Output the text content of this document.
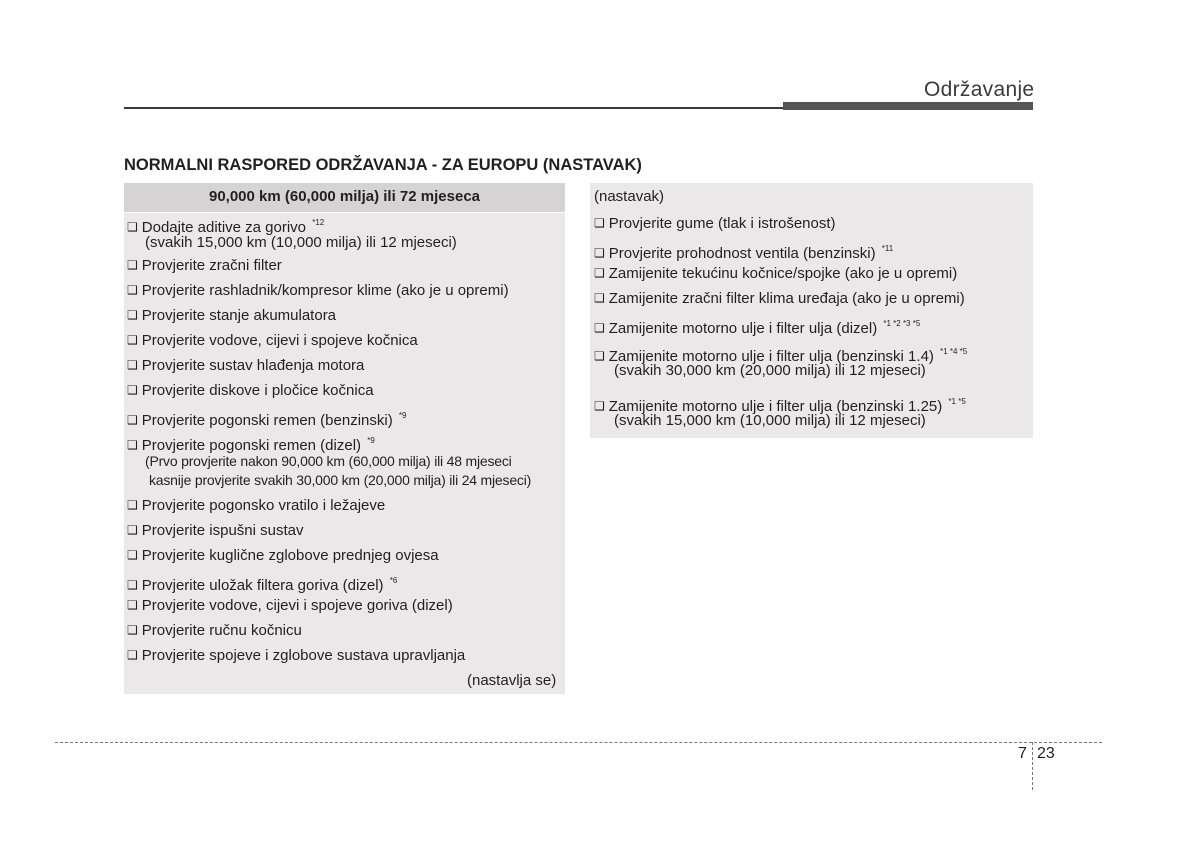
Održavanje
NORMALNI RASPORED ODRŽAVANJA - ZA EUROPU (NASTAVAK)
90,000 km (60,000 milja) ili 72 mjeseca
❑ Dodajte aditive za gorivo $^{*12}$
(svakih 15,000 km (10,000 milja) ili 12 mjeseci)
❑ Provjerite zračni filter
❑ Provjerite rashladnik/kompresor klime (ako je u opremi)
❑ Provjerite stanje akumulatora
❑ Provjerite vodove, cijevi i spojeve kočnica
❑ Provjerite sustav hlađenja motora
❑ Provjerite diskove i pločice kočnica
❑ Provjerite pogonski remen (benzinski) $^{*9}$
❑ Provjerite pogonski remen (dizel) $^{*9}$
(Prvo provjerite nakon 90,000 km (60,000 milja) ili 48 mjeseci
kasnije provjerite svakih 30,000 km (20,000 milja) ili 24 mjeseci)
❑ Provjerite pogonsko vratilo i ležajeve
❑ Provjerite ispušni sustav
❑ Provjerite kuglične zglobove prednjeg ovjesa
❑ Provjerite uložak filtera goriva (dizel) $^{*6}$
❑ Provjerite vodove, cijevi i spojeve goriva (dizel)
❑ Provjerite ručnu kočnicu
❑ Provjerite spojeve i zglobove sustava upravljanja
(nastavlja se)
(nastavak)
❑ Provjerite gume (tlak i istrošenost)
❑ Provjerite prohodnost ventila (benzinski) $^{*11}$
❑ Zamijenite tekućinu kočnice/spojke (ako je u opremi)
❑ Zamijenite zračni filter klima uređaja (ako je u opremi)
❑ Zamijenite motorno ulje i filter ulja (dizel) $^{*1 *2 *3 *5}$
❑ Zamijenite motorno ulje i filter ulja (benzinski 1.4) $^{*1 *4 *5}$
(svakih 30,000 km (20,000 milja) ili 12 mjeseci)
❑ Zamijenite motorno ulje i filter ulja (benzinski 1.25) $^{*1 *5}$
(svakih 15,000 km (10,000 milja) ili 12 mjeseci)
7 23
